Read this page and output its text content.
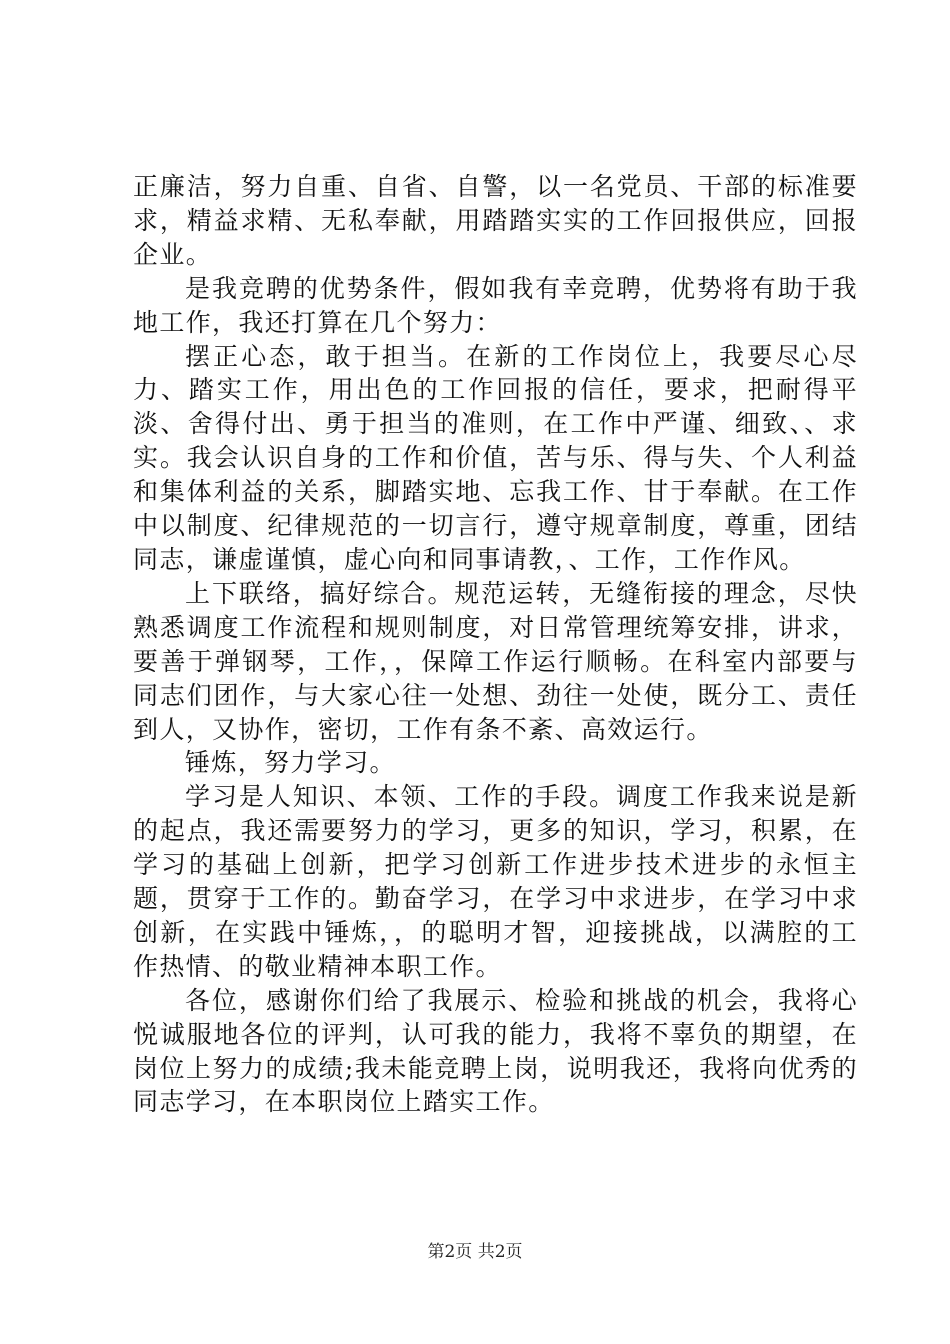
正廉洁，努力自重、自省、自警，以一名党员、干部的标准要求，精益求精、无私奉献，用踏踏实实的工作回报供应，回报企业。

是我竞聘的优势条件，假如我有幸竞聘，优势将有助于我地工作，我还打算在几个努力：

摆正心态，敢于担当。在新的工作岗位上，我要尽心尽力、踏实工作，用出色的工作回报的信任，要求，把耐得平淡、舍得付出、勇于担当的准则，在工作中严谨、细致、、求实。我会认识自身的工作和价值，苦与乐、得与失、个人利益和集体利益的关系，脚踏实地、忘我工作、甘于奉献。在工作中以制度、纪律规范的一切言行，遵守规章制度，尊重，团结同志，谦虚谨慎，虚心向和同事请教，、工作，工作作风。

上下联络，搞好综合。规范运转，无缝衔接的理念，尽快熟悉调度工作流程和规则制度，对日常管理统筹安排，讲求，要善于弹钢琴，工作，，保障工作运行顺畅。在科室内部要与同志们团作，与大家心往一处想、劲往一处使，既分工、责任到人，又协作，密切，工作有条不紊、高效运行。

锤炼，努力学习。

学习是人知识、本领、工作的手段。调度工作我来说是新的起点，我还需要努力的学习，更多的知识，学习，积累，在学习的基础上创新，把学习创新工作进步技术进步的永恒主题，贯穿于工作的。勤奋学习，在学习中求进步，在学习中求创新，在实践中锤炼，，的聪明才智，迎接挑战，以满腔的工作热情、的敬业精神本职工作。

各位，感谢你们给了我展示、检验和挑战的机会，我将心悦诚服地各位的评判，认可我的能力，我将不辜负的期望，在岗位上努力的成绩;我未能竞聘上岗，说明我还，我将向优秀的同志学习，在本职岗位上踏实工作。

第2页 共2页
